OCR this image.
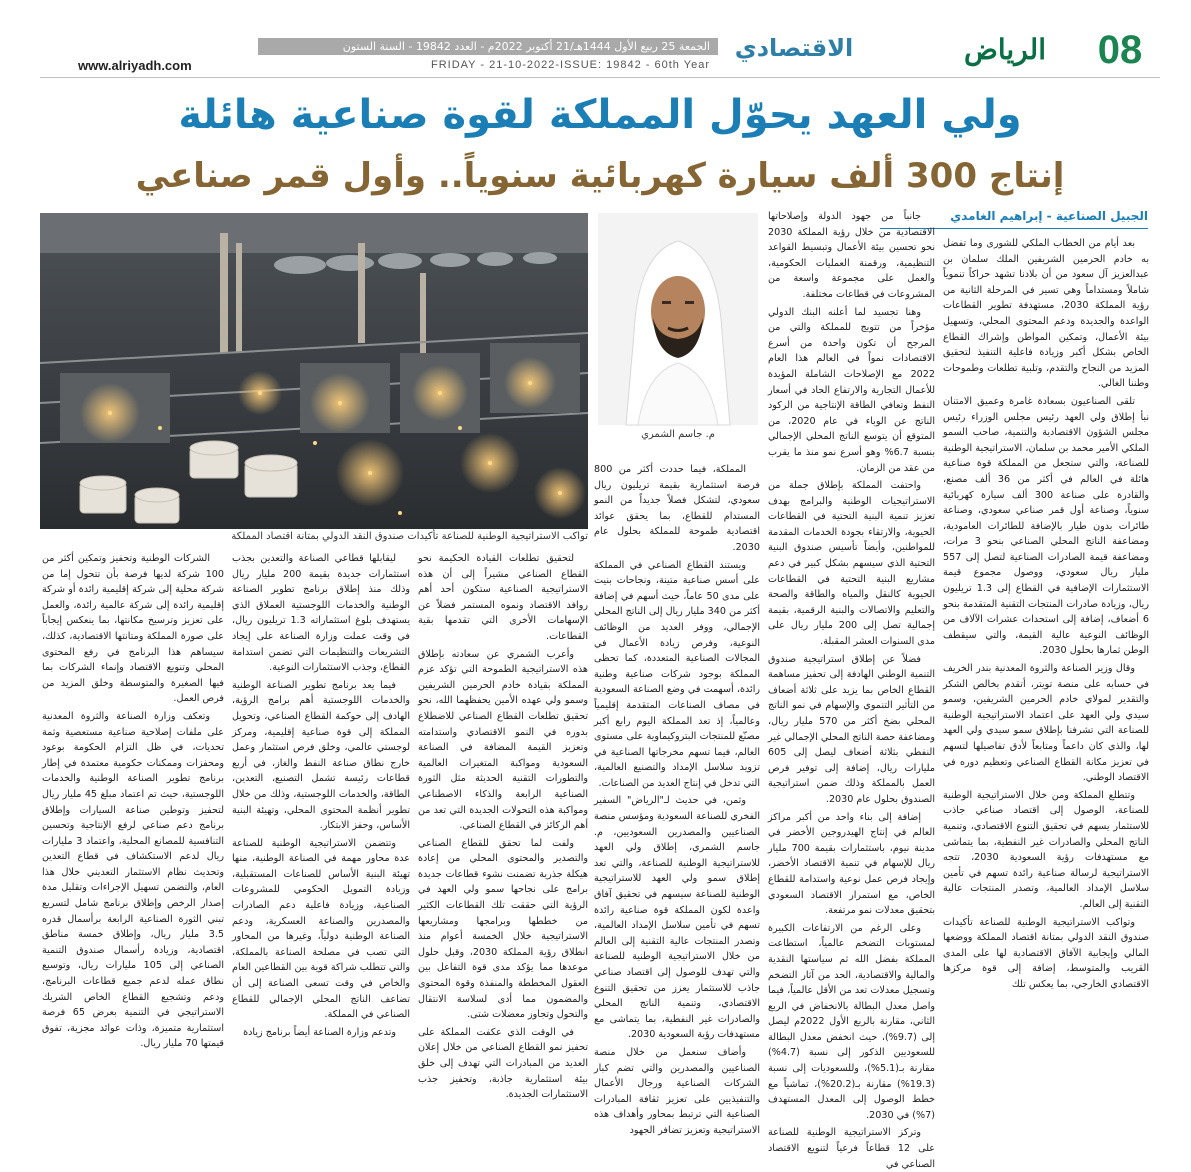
www.alriyadh.com
الجمعة 25 ربيع الأول 1444هـ/21 أكتوبر 2022م - العدد 19842 - السنة الستون
FRIDAY - 21-10-2022-ISSUE: 19842 - 60th Year
الاقتصادي	الرياض	08
ولي العهد يحوّل المملكة لقوة صناعية هائلة
إنتاج 300 ألف سيارة كهربائية سنوياً.. وأول قمر صناعي
الجبيل الصناعية - إبراهيم الغامدي

بعد أيام من الخطاب الملكي للشورى وما تفضل به خادم الحرمين الشريفين الملك سلمان بن عبدالعزيز آل سعود من أن بلادنا تشهد حراكاً تنموياً شاملاً ومستداماً وهي تسير في المرحلة الثانية من رؤية المملكة 2030، مستهدفة تطوير القطاعات الواعدة والجديدة ودعم المحتوى المحلي، وتسهيل بيئة الأعمال، وتمكين المواطن وإشراك القطاع الخاص بشكل أكبر وزيادة فاعلية التنفيذ لتحقيق المزيد من النجاح والتقدم، وتلبية تطلعات وطموحات وطننا الغالي.

تلقى الصناعيون بسعادة غامرة وعميق الامتنان نبأ إطلاق ولي العهد رئيس مجلس الوزراء رئيس مجلس الشؤون الاقتصادية والتنمية، صاحب السمو الملكي الأمير محمد بن سلمان، الاستراتيجية الوطنية للصناعة، والتي ستجعل من المملكة قوة صناعية هائلة في العالم في أكثر من 36 ألف مصنع، والقادرة على صناعة 300 ألف سيارة كهربائية سنوياً، وصناعة أول قمر صناعي سعودي، وصناعة طائرات بدون طيار بالإضافة للطائرات العامودية، ومضاعفة الناتج المحلي الصناعي بنحو 3 مرات، ومضاعفة قيمة الصادرات الصناعية لتصل إلى 557 مليار ريال سعودي، ووصول مجموع قيمة الاستثمارات الإضافية في القطاع إلى 1.3 تريليون ريال، وزيادة صادرات المنتجات التقنية المتقدمة بنحو 6 أضعاف، إضافة إلى استحداث عشرات الآلاف من الوظائف النوعية عالية القيمة، والتي سيقطف الوطن ثمارها بحلول 2030.

وقال وزير الصناعة والثروة المعدنية بندر الخريف في حسابه على منصة تويتر، أتقدم بخالص الشكر والتقدير لمولاي خادم الحرمين الشريفين، وسمو سيدي ولي العهد على اعتماد الاستراتيجية الوطنية للصناعة التي تشرفنا بإطلاق سمو سيدي ولي العهد لها، والذي كان داعماً ومتابعاً لأدق تفاصيلها لتسهم في تعزيز مكانة القطاع الصناعي وتعظيم دوره في الاقتصاد الوطني.

وتتطلع المملكة ومن خلال الاستراتيجية الوطنية للصناعة، الوصول إلى اقتصاد صناعي جاذب للاستثمار يسهم في تحقيق التنوع الاقتصادي، وتنمية الناتج المحلي والصادرات غير النفطية، بما يتماشى مع مستهدفات رؤية السعودية 2030، تتجه الاستراتيجية لرسالة صناعية رائدة تسهم في تأمين سلاسل الإمداد العالمية، وتصدر المنتجات عالية التقنية إلى العالم.

وتواكب الاستراتيجية الوطنية للصناعة تأكيدات صندوق النقد الدولي بمتانة اقتصاد المملكة ووضعها المالي وإيجابية الآفاق الاقتصادية لها على المدى القريب والمتوسط، إضافة إلى قوة مركزها الاقتصادي الخارجي، بما يعكس تلك

جانباً من جهود الدولة وإصلاحاتها الاقتصادية من خلال رؤية المملكة 2030 نحو تحسين بيئة الأعمال وتبسيط القواعد التنظيمية، ورقمنة العمليات الحكومية، والعمل على مجموعة واسعة من المشروعات في قطاعات مختلفة.

وهنا تجسيد لما أعلنه البنك الدولي مؤخراً من تتويج للمملكة والتي من المرجح أن تكون واحدة من أسرع الاقتصادات نمواً في العالم هذا العام 2022 مع الإصلاحات الشاملة المؤيدة للأعمال التجارية والارتفاع الحاد في أسعار النفط وتعافي الطاقة الإنتاجية من الركود الناتج عن الوباء في عام 2020، من المتوقع أن يتوسع الناتج المحلي الإجمالي بنسبة 6.7% وهو أسرع نمو منذ ما يقرب من عقد من الزمان.

واحتفت المملكة بإطلاق جملة من الاستراتيجيات الوطنية والبرامج بهدف تعزيز تنمية البنية التحتية في القطاعات الحيوية، والارتقاء بجودة الخدمات المقدمة للمواطنين، وأيضاً تأسيس صندوق البنية التحتية الذي سيسهم بشكل كبير في دعم مشاريع البنية التحتية في القطاعات الحيوية كالنقل والمياه والطاقة والصحة والتعليم والاتصالات والبنية الرقمية، بقيمة إجمالية تصل إلى 200 مليار ريال على مدى السنوات العشر المقبلة.

فضلاً عن إطلاق استراتيجية صندوق التنمية الوطني الهادفة إلى تحفيز مساهمة القطاع الخاص بما يزيد على ثلاثة أضعاف من التأثير التنموي والإسهام في نمو الناتج المحلي بضخ أكثر من 570 مليار ريال، ومضاعفة حصة الناتج المحلي الإجمالي غير النفطي بثلاثة أضعاف ليصل إلى 605 مليارات ريال، إضافة إلى توفير فرص العمل بالمملكة وذلك ضمن استراتيجية الصندوق بحلول عام 2030.

إضافة إلى بناء واحد من أكبر مراكز العالم في إنتاج الهيدروجين الأخضر في مدينة نيوم، باستثمارات بقيمة 700 مليار ريال للإسهام في تنمية الاقتصاد الأخضر، وإيجاد فرص عمل نوعية واستدامة للقطاع الخاص، مع استمرار الاقتصاد السعودي بتحقيق معدلات نمو مرتفعة.

وعلى الرغم من الارتفاعات الكبيرة لمستويات التضخم عالمياً، استطاعت المملكة بفضل الله ثم سياستها النقدية والمالية والاقتصادية، الحد من آثار التضخم وتسجيل معدلات تعد من الأقل عالمياً، فيما واصل معدل البطالة بالانخفاض في الربع الثاني، مقارنة بالربع الأول 2022م ليصل إلى (9.7%)، حيث انخفض معدل البطالة للسعوديين الذكور إلى نسبة (4.7%) مقارنة بـ(5.1%)، وللسعوديات إلى نسبة (19.3%) مقارنة بـ(20.2%)، تماشياً مع خطط الوصول إلى المعدل المستهدف (7%) في 2030.

وتركز الاستراتيجية الوطنية للصناعة على 12 قطاعاً فرعياً لتنويع الاقتصاد الصناعي في

المملكة، فيما حددت أكثر من 800 فرصة استثمارية بقيمة تريليون ريال سعودي، لتشكل فصلاً جديداً من النمو المستدام للقطاع، بما يحقق عوائد اقتصادية طموحة للمملكة بحلول عام 2030.

ويستند القطاع الصناعي في المملكة على أسس صناعية متينة، ونجاحات بنيت على مدى 50 عاماً، حيث أسهم في إضافة أكثر من 340 مليار ريال إلى الناتج المحلي الإجمالي، ووفر العديد من الوظائف النوعية، وفرص زيادة الأعمال في المجالات الصناعية المتعددة، كما تحظى المملكة بوجود شركات صناعية وطنية رائدة، أسهمت في وضع الصناعة السعودية في مصاف الصناعات المتقدمة إقليمياً وعالمياً، إذ تعد المملكة اليوم رابع أكبر مصنّع للمنتجات البتروكيماوية على مستوى العالم، فيما تسهم مخرجاتها الصناعية في تزويد سلاسل الإمداد والتصنيع العالمية، التي تدخل في إنتاج العديد من الصناعات.

وثمن، في حديث لـ"الرياض" السفير الفخري للصناعة السعودية ومؤسس منصة الصناعيين والمصدرين السعوديين، م. جاسم الشمري، إطلاق ولي العهد للاستراتيجية الوطنية للصناعة، والتي تعد إطلاق سمو ولي العهد للاستراتيجية الوطنية للصناعة سيسهم في تحقيق آفاق واعدة لكون المملكة قوة صناعية رائدة تسهم في تأمين سلاسل الإمداد العالمية، وتصدر المنتجات عالية التقنية إلى العالم من خلال الاستراتيجية الوطنية للصناعة والتي تهدف للوصول إلى اقتصاد صناعي جاذب للاستثمار يعزز من تحقيق التنوع الاقتصادي، وتنمية الناتج المحلي والصادرات غير النفطية، بما يتماشى مع مستهدفات رؤية السعودية 2030.

وأضاف سنعمل من خلال منصة الصناعيين والمصدرين والتي تضم كبار الشركات الصناعية ورجال الأعمال والتنفيذيين على تعزيز ثقافة المبادرات الصناعية التي ترتبط بمحاور وأهداف هذه الاستراتيجية وتعزيز تضافر الجهود

لتحقيق تطلعات القيادة الحكيمة نحو القطاع الصناعي مشيراً إلى أن هذه الاستراتيجية الصناعية ستكون أحد أهم روافد الاقتصاد ونموه المستمر فضلاً عن الإسهامات الأخرى التي تقدمها بقية القطاعات.

وأعرب الشمري عن سعادته بإطلاق هذه الاستراتيجية الطموحة التي تؤكد عزم المملكة بقيادة خادم الحرمين الشريفين وسمو ولي عهده الأمين يحفظهما الله، نحو تحقيق تطلعات القطاع الصناعي للاضطلاع بدوره في النمو الاقتصادي واستدامته وتعزيز القيمة المضافة في الصناعة السعودية ومواكبة المتغيرات العالمية والتطورات التقنية الحديثة مثل الثورة الصناعية الرابعة والذكاء الاصطناعي ومواكبة هذه التحولات الجديدة التي تعد من أهم الركائز في القطاع الصناعي.

ولفت لما تحقق للقطاع الصناعي والتصدير والمحتوى المحلي من إعادة هيكلة جذرية تضمنت نشوء قطاعات جديدة برامج على نجاحها سمو ولي العهد في الرؤية التي حققت تلك القطاعات الكثير من خططها وبرامجها ومشاريعها الاستراتيجية خلال الخمسة أعوام منذ انطلاق رؤية المملكة 2030، وقبل حلول موعدها مما يؤكد مدى قوة التفاعل بين العقول المخططة والمنفذة وقوة المحتوى والمضمون مما أدى لسلاسة الانتقال والتحول وتجاوز معضلات شتى.

في الوقت الذي عكفت المملكة على تحفيز نمو القطاع الصناعي من خلال إعلان العديد من المبادرات التي تهدف إلى خلق بيئة استثمارية جاذبة، وتحفيز جذب الاستثمارات الجديدة.

ليقابلها قطاعي الصناعة والتعدين بجذب استثمارات جديدة بقيمة 200 مليار ريال وذلك منذ إطلاق برنامج تطوير الصناعة الوطنية والخدمات اللوجستية العملاق الذي يستهدف بلوغ استثماراته 1.3 تريليون ريال، في وقت عملت وزارة الصناعة على إيجاد التشريعات والتنظيمات التي تضمن استدامة القطاع، وجذب الاستثمارات النوعية.

فيما يعد برنامج تطوير الصناعة الوطنية والخدمات اللوجستية أهم برامج الرؤية، الهادف إلى حوكمة القطاع الصناعي، وتحويل المملكة إلى قوة صناعية إقليمية، ومركز لوجستي عالمي، وخلق فرص استثمار وعمل خارج نطاق صناعة النفط والغاز، في أربع قطاعات رئيسة تشمل التصنيع، التعدين، الطاقة، والخدمات اللوجستية، وذلك من خلال تطوير أنظمة المحتوى المحلي، وتهيئة البنية الأساس، وحفز الابتكار.

وتتضمن الاستراتيجية الوطنية للصناعة عدة محاور مهمة في الصناعة الوطنية، منها تهيئة البنية الأساس للصناعات المستقبلية، وزيادة التمويل الحكومي للمشروعات الصناعية، وزيادة فاعلية دعم الصادرات والمصدرين والصناعة العسكرية، ودعم الصناعة الوطنية دولياً، وغيرها من المحاور التي تصب في مصلحة الصناعة بالمملكة، والتي تتطلب شراكة قوية بين القطاعين العام والخاص في وقت تسعى الصناعة إلى أن تضاعف الناتج المحلي الإجمالي للقطاع الصناعي في المملكة.

وتدعم وزارة الصناعة أيضاً برنامج زيادة

الشركات الوطنية وتحفيز وتمكين أكثر من 100 شركة لديها فرصة بأن تتحول إما من شركة محلية إلى شركة إقليمية رائدة أو شركة إقليمية رائدة إلى شركة عالمية رائدة، والعمل على تعزيز وترسيخ مكانتها، بما ينعكس إيجاباً على صورة المملكة ومتانتها الاقتصادية، كذلك، سيساهم هذا البرنامج في رفع المحتوى المحلي وتنويع الاقتصاد وإنماء الشركات بما فيها الصغيرة والمتوسطة وخلق المزيد من فرص العمل.

وتعكف وزارة الصناعة والثروة المعدنية على ملفات إصلاحية صناعية مستعصية وثمة تحديات، في ظل التزام الحكومة بوعود ومحفزات وممكنات حكومية معتمدة في إطار برنامج تطوير الصناعة الوطنية والخدمات اللوجستية، حيث تم اعتماد مبلغ 45 مليار ريال لتحفيز وتوطين صناعة السيارات وإطلاق برنامج دعم صناعي لرفع الإنتاجية وتحسين التنافسية للمصانع المحلية، واعتماد 3 مليارات ريال لدعم الاستكشاف في قطاع التعدين وتحديث نظام الاستثمار التعديني خلال هذا العام، والتضمن تسهيل الإجراءات وتقليل مدة إصدار الرخص وإطلاق برنامج شامل لتسريع تبني الثورة الصناعية الرابعة برأسمال قدره 3.5 مليار ريال، وإطلاق خمسة مناطق اقتصادية، وزيادة رأسمال صندوق التنمية الصناعي إلى 105 مليارات ريال، وتوسيع نطاق عمله لدعم جميع قطاعات البرنامج، ودعم وتشجيع القطاع الخاص الشريك الاستراتيجي في التنمية بعرض 65 فرصة استثمارية متميزة، وذات عوائد مجزية، تفوق قيمتها 70 مليار ريال.

تواكب الاستراتيجية الوطنية للصناعة تأكيدات صندوق النقد الدولي بمتانة اقتصاد المملكة
م. جاسم الشمري
